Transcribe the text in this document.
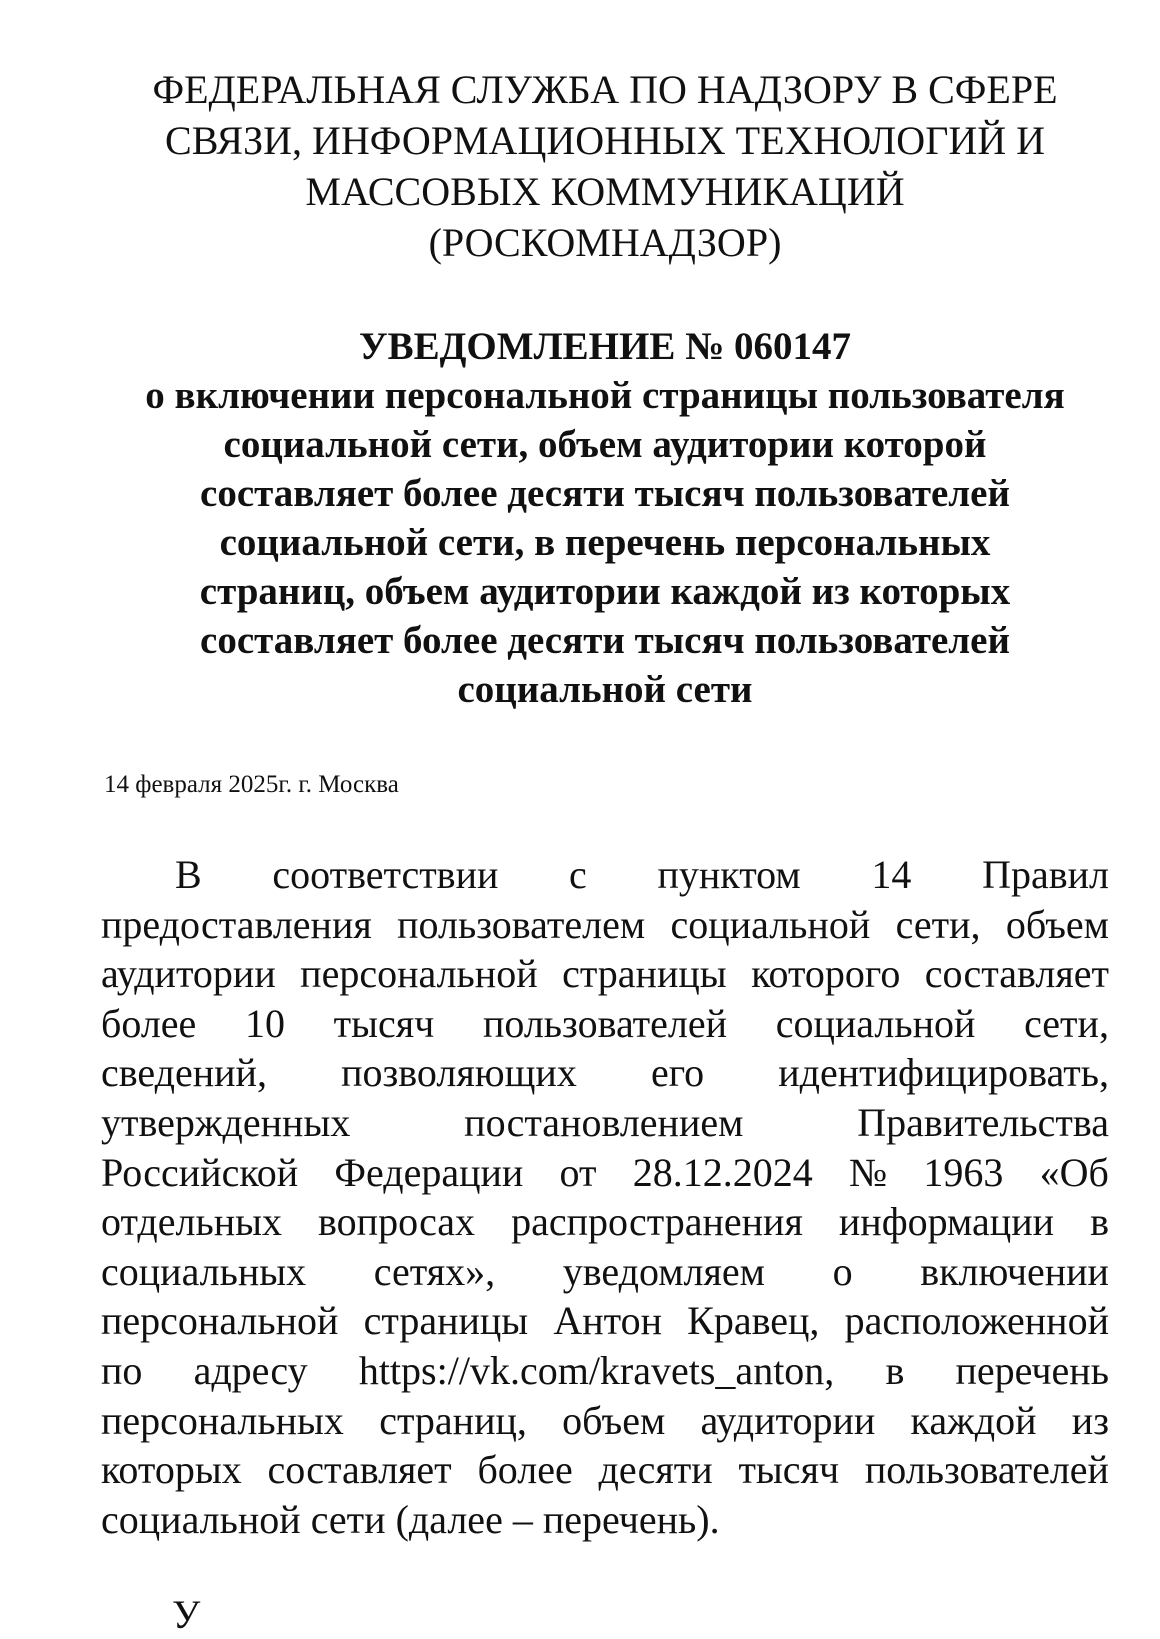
ФЕДЕРАЛЬНАЯ СЛУЖБА ПО НАДЗОРУ В СФЕРЕ
СВЯЗИ, ИНФОРМАЦИОННЫХ ТЕХНОЛОГИЙ И
МАССОВЫХ КОММУНИКАЦИЙ
(РОСКОМНАДЗОР)
УВЕДОМЛЕНИЕ № 060147
о включении персональной страницы пользователя
социальной сети, объем аудитории которой
составляет более десяти тысяч пользователей
социальной сети, в перечень персональных
страниц, объем аудитории каждой из которых
составляет более десяти тысяч пользователей
социальной сети
14 февраля 2025г. г. Москва
В соответствии с пунктом 14 Правил
предоставления пользователем социальной сети, объем
аудитории персональной страницы которого составляет
более 10 тысяч пользователей социальной сети,
сведений, позволяющих его идентифицировать,
утвержденных	постановлением	Правительства
Российской Федерации от 28.12.2024 № 1963 «Об
отдельных вопросах распространения информации в
социальных сетях», уведомляем о включении
персональной страницы Антон Кравец, расположенной
по адресу https://vk.com/kravets_anton, в перечень
персональных страниц, объем аудитории каждой из
которых составляет более десяти тысяч пользователей
социальной сети (далее – перечень).
У
